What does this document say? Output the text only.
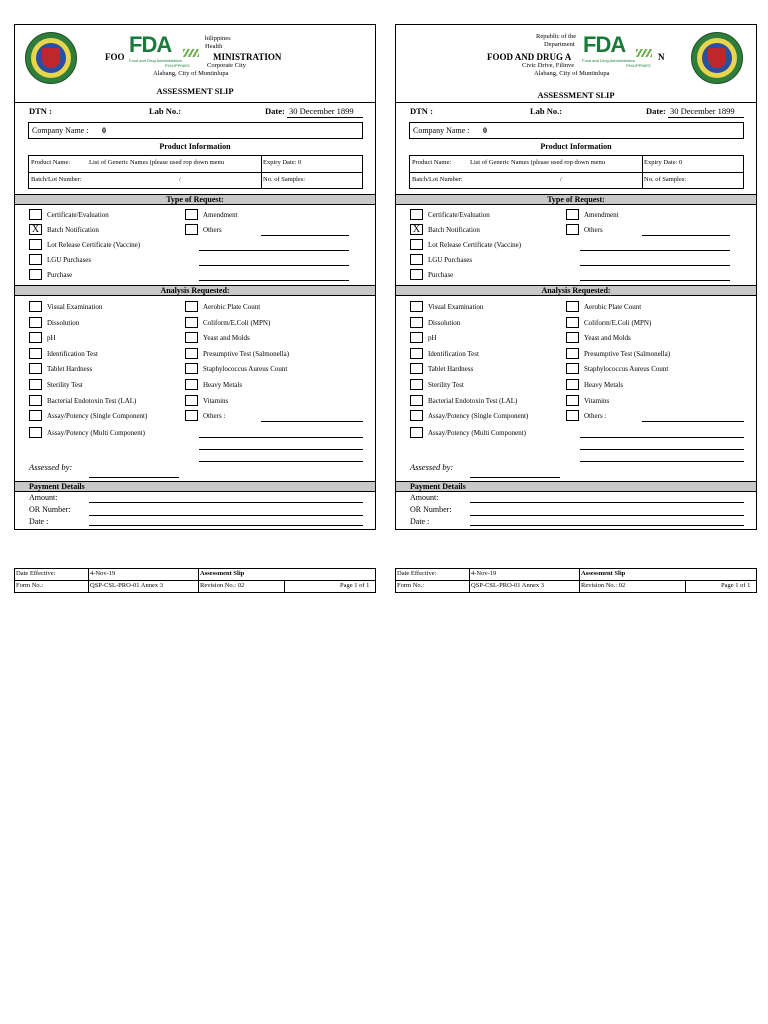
FDA
Food and Drug Administration
PHILIPPINES
hilippines
Health
FOO	MINISTRATION
Corporate City
Alabang, City of Muntinlupa
ASSESSMENT SLIP
DTN :	Lab No.:	Date: 30 December 1899
Company Name : 0
Product Information
Product Name:	List of Generic Names (please used rop down menu	Expiry Date: 0
Batch/Lot Number:	/	No. of Samples:
Type of Request:
Certificate/Evaluation
X	Batch Notification
Lot Release Certificate (Vaccine)
LGU Purchases
Purchase
Amendment
Others
Analysis Requested:
Visual Examination
Dissolution
pH
Identification Test
Tablet Hardness
Sterility Test
Bacterial Endotoxin Test (LAL)
Assay/Potency (Single Component)
Assay/Potency (Multi Component)
Aerobic Plate Count
Coliform/E.Coli (MPN)
Yeast and Molds
Presumptive Test (Salmonella)
Staphylococcus Aureus Count
Heavy Metals
Vitamins
Others :
Assessed by:
Payment Details
Amount:
OR Number:
Date :
Republic of the
Department FDA
Food and Drug Administration
PHILIPPINES
FOOD AND DRUG A	N
Civic Drive, Filinve
Alabang, City of Muntinlupa
ASSESSMENT SLIP
DTN :	Lab No.:	Date: 30 December 1899
Company Name : 0
Product Information
Product Name:	List of Generic Names (please used rop down menu	Expiry Date: 0
Batch/Lot Number:	/	No. of Samples:
Type of Request:
Certificate/Evaluation
X	Batch Notification
Lot Release Certificate (Vaccine)
LGU Purchases
Purchase
Amendment
Others
Analysis Requested:
Visual Examination
Dissolution
pH
Identification Test
Tablet Hardness
Sterility Test
Bacterial Endotoxin Test (LAL)
Assay/Potency (Single Component)
Assay/Potency (Multi Component)
Aerobic Plate Count
Coliform/E.Coli (MPN)
Yeast and Molds
Presumptive Test (Salmonella)
Staphylococcus Aureus Count
Heavy Metals
Vitamins
Others :
Assessed by:
Payment Details
Amount:
OR Number:
Date :
Date Effective:	4-Nov-19	Assessment Slip
Form No.:	QSP-CSL-PRO-01 Annex 3	Revision No.: 02	Page 1 of 1
Date Effective:	4-Nov-19	Assessment Slip
Form No.:	QSP-CSL-PRO-01 Annex 3	Revision No.: 02	Page 1 of 1
